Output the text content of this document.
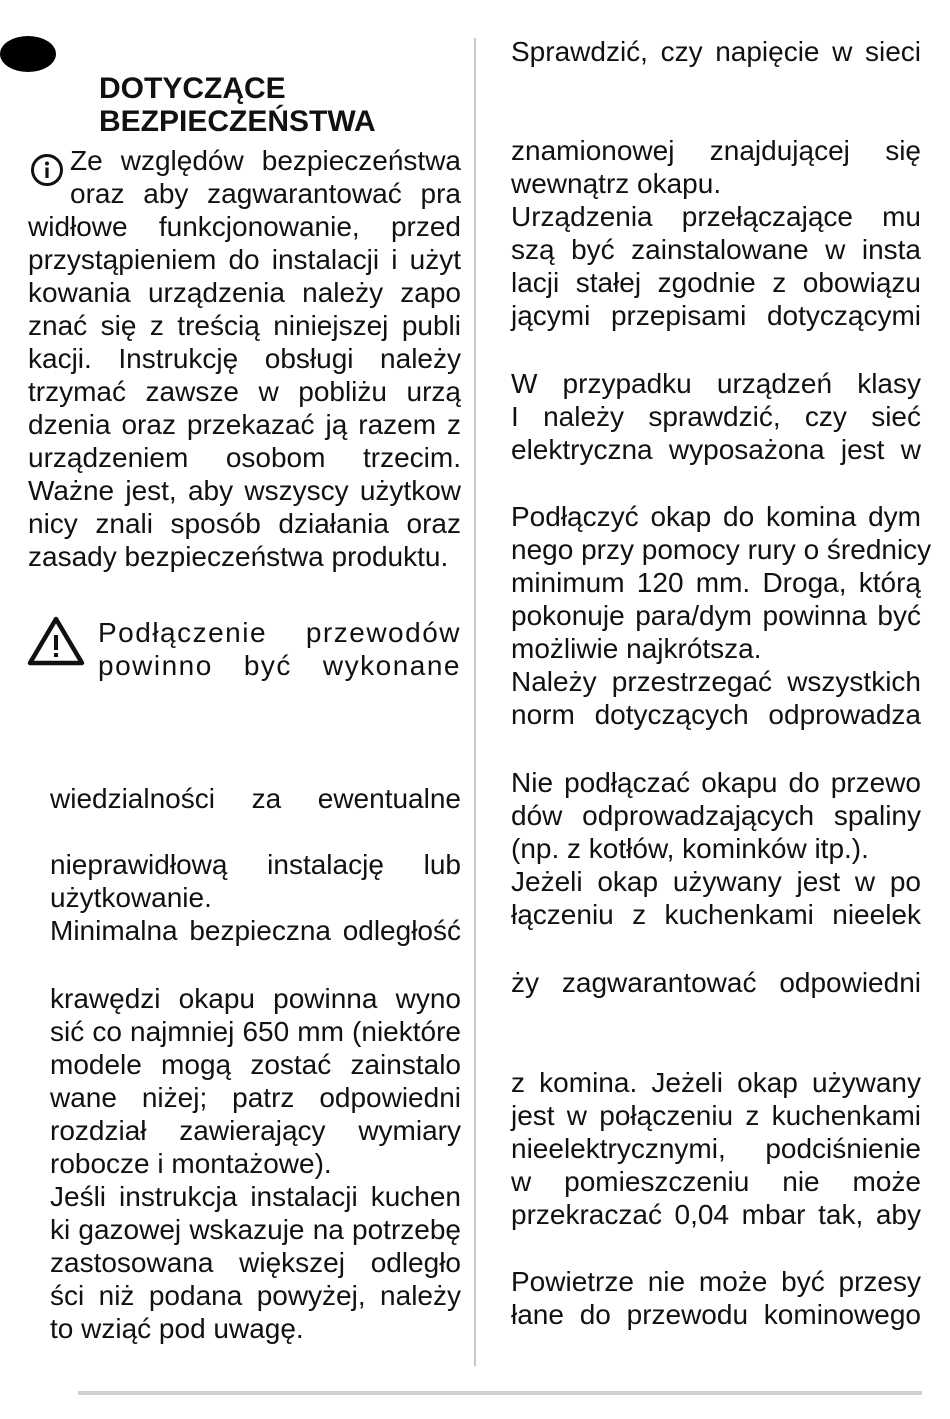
DOTYCZĄCE
BEZPIECZEŃSTWA
Ze względów bezpieczeństwa
oraz aby zagwarantować pra
widłowe funkcjonowanie, przed
przystąpieniem do instalacji i użyt
kowania urządzenia należy zapo
znać się z treścią niniejszej publi
kacji. Instrukcję obsługi należy
trzymać zawsze w pobliżu urzą
dzenia oraz przekazać ją razem z
urządzeniem osobom trzecim.
Ważne jest, aby wszyscy użytkow
nicy znali sposób działania oraz
zasady bezpieczeństwa produktu.
Podłączenie przewodów
powinno być wykonane
wiedzialności za ewentualne
nieprawidłową instalację lub
użytkowanie.
Minimalna bezpieczna odległość
krawędzi okapu powinna wyno
sić co najmniej 650 mm (niektóre
modele mogą zostać zainstalo
wane niżej; patrz odpowiedni
rozdział zawierający wymiary
robocze i montażowe).
Jeśli instrukcja instalacji kuchen
ki gazowej wskazuje na potrzebę
zastosowana większej odległo
ści niż podana powyżej, należy
to wziąć pod uwagę.
Sprawdzić, czy napięcie w sieci
znamionowej znajdującej się
wewnątrz okapu.
Urządzenia przełączające mu
szą być zainstalowane w insta
lacji stałej zgodnie z obowiązu
jącymi przepisami dotyczącymi
W przypadku urządzeń klasy
I należy sprawdzić, czy sieć
elektryczna wyposażona jest w
Podłączyć okap do komina dym
nego przy pomocy rury o średnicy
minimum 120 mm. Droga, którą
pokonuje para/dym powinna być
możliwie najkrótsza.
Należy przestrzegać wszystkich
norm dotyczących odprowadza
Nie podłączać okapu do przewo
dów odprowadzających spaliny
(np. z kotłów, kominków itp.).
Jeżeli okap używany jest w po
łączeniu z kuchenkami nieelek
ży zagwarantować odpowiedni
z komina. Jeżeli okap używany
jest w połączeniu z kuchenkami
nieelektrycznymi, podciśnienie
w pomieszczeniu nie może
przekraczać 0,04 mbar tak, aby
Powietrze nie może być przesy
łane do przewodu kominowego
